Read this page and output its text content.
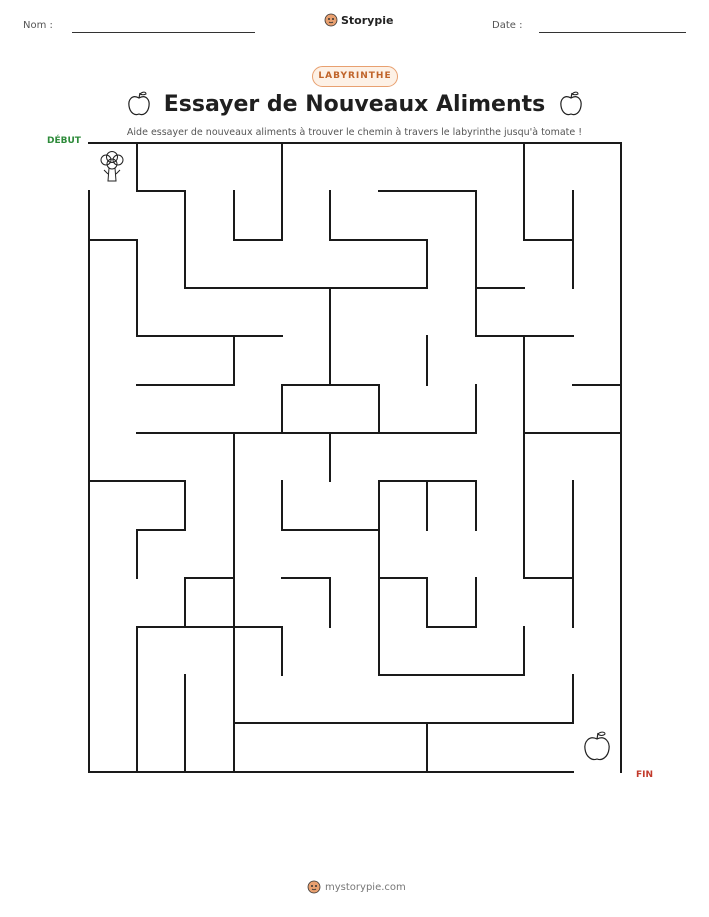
Nom :	Storypie	Date :
LABYRINTHE
Essayer de Nouveaux Aliments
Aide essayer de nouveaux aliments à trouver le chemin à travers le labyrinthe jusqu'à tomate !
DÉBUT
FIN
mystorypie.com
